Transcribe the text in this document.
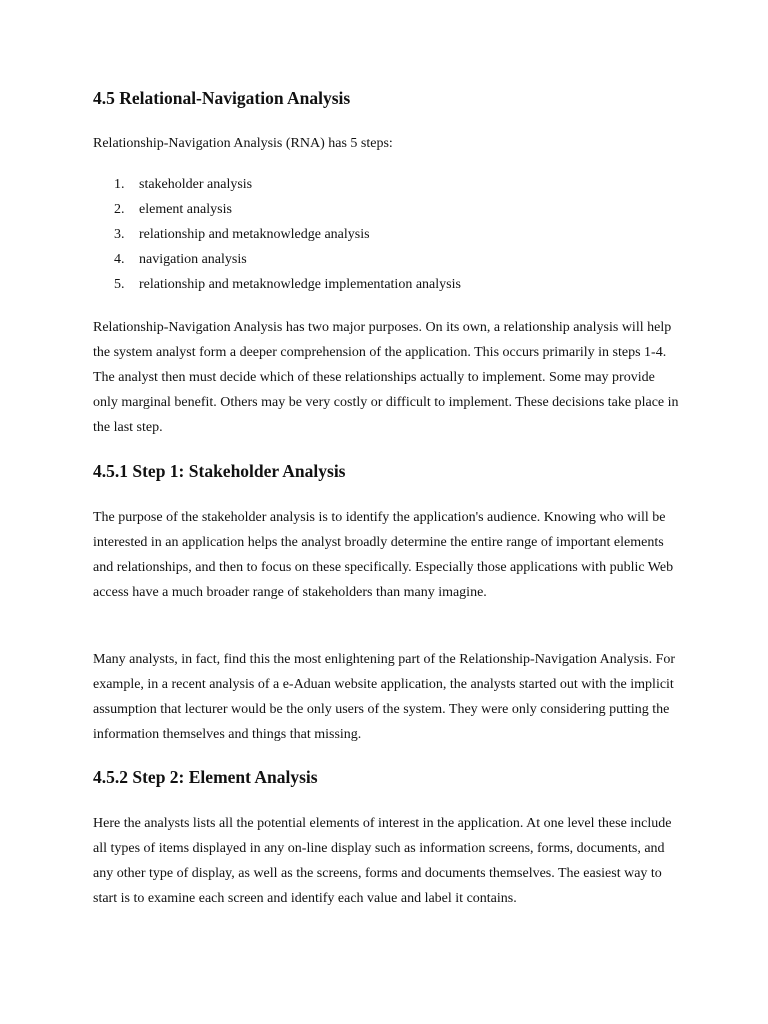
4.5 Relational-Navigation Analysis

Relationship-Navigation Analysis (RNA) has 5 steps:

1. stakeholder analysis
2. element analysis
3. relationship and metaknowledge analysis
4. navigation analysis
5. relationship and metaknowledge implementation analysis

Relationship-Navigation Analysis has two major purposes. On its own, a relationship analysis will help the system analyst form a deeper comprehension of the application. This occurs primarily in steps 1-4. The analyst then must decide which of these relationships actually to implement. Some may provide only marginal benefit. Others may be very costly or difficult to implement. These decisions take place in the last step.

4.5.1 Step 1: Stakeholder Analysis

The purpose of the stakeholder analysis is to identify the application's audience. Knowing who will be interested in an application helps the analyst broadly determine the entire range of important elements and relationships, and then to focus on these specifically. Especially those applications with public Web access have a much broader range of stakeholders than many imagine.

Many analysts, in fact, find this the most enlightening part of the Relationship-Navigation Analysis. For example, in a recent analysis of a e-Aduan website application, the analysts started out with the implicit assumption that lecturer would be the only users of the system. They were only considering putting the information themselves and things that missing.

4.5.2 Step 2: Element Analysis

Here the analysts lists all the potential elements of interest in the application. At one level these include all types of items displayed in any on-line display such as information screens, forms, documents, and any other type of display, as well as the screens, forms and documents themselves. The easiest way to start is to examine each screen and identify each value and label it contains.
